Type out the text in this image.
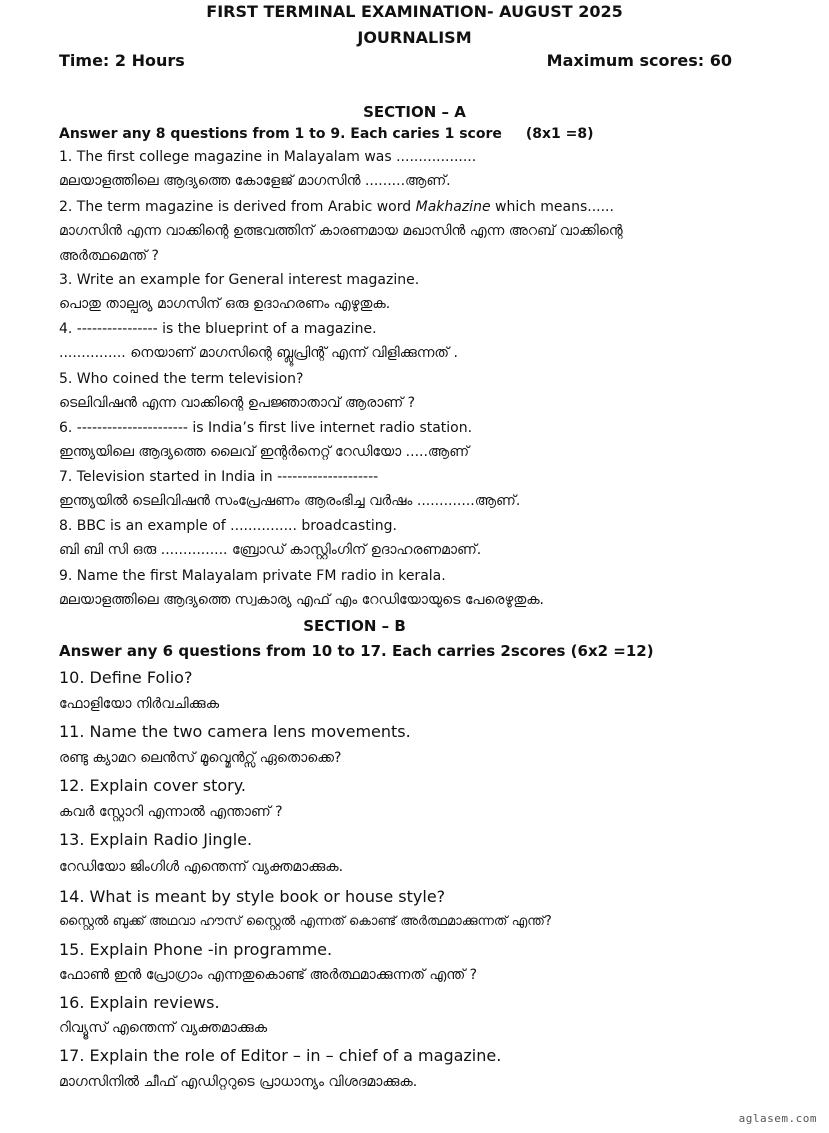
FIRST TERMINAL EXAMINATION- AUGUST 2025
JOURNALISM
Time: 2 Hours	Maximum scores: 60
SECTION – A
Answer any 8 questions from 1 to 9. Each caries 1 score (8x1 =8)
1. The first college magazine in Malayalam was ..................
മലയാളത്തിലെ ആദ്യത്തെ കോളേജ് മാഗസിൻ .........ആണ്.
2. The term magazine is derived from Arabic word Makhazine which means......
മാഗസിൻ എന്ന വാക്കിന്റെ ഉത്ഭവത്തിന് കാരണമായ മഖാസിൻ എന്ന അറബ് വാക്കിന്റെ
അർത്ഥമെന്ത് ?
3. Write an example for General interest magazine.
പൊതു താല്പര്യ മാഗസിന് ഒരു ഉദാഹരണം എഴുതുക.
4. ---------------- is the blueprint of a magazine.
............... നെയാണ് മാഗസിന്റെ ബ്ലൂപ്രിന്റ് എന്ന് വിളിക്കുന്നത് .
5. Who coined the term television?
ടെലിവിഷൻ എന്ന വാക്കിന്റെ ഉപജ്ഞാതാവ് ആരാണ് ?
6. ---------------------- is India’s first live internet radio station.
ഇന്ത്യയിലെ ആദ്യത്തെ ലൈവ് ഇന്റർനെറ്റ് റേഡിയോ .....ആണ്
7. Television started in India in --------------------
ഇന്ത്യയിൽ ടെലിവിഷൻ സംപ്രേഷണം ആരംഭിച്ച വർഷം .............ആണ്.
8. BBC is an example of ............... broadcasting.
ബി ബി സി ഒരു ............... ബ്രോഡ് കാസ്റ്റിംഗിന് ഉദാഹരണമാണ്.
9. Name the first Malayalam private FM radio in kerala.
മലയാളത്തിലെ ആദ്യത്തെ സ്വകാര്യ എഫ് എം റേഡിയോയുടെ പേരെഴുതുക.
SECTION – B
Answer any 6 questions from 10 to 17. Each carries 2scores (6x2 =12)
10. Define Folio?
ഫോളിയോ നിർവചിക്കുക
11. Name the two camera lens movements.
രണ്ടു ക്യാമറ ലെൻസ് മൂവ്മെൻറ്സ് ഏതൊക്കെ?
12. Explain cover story.
കവർ സ്റ്റോറി എന്നാൽ എന്താണ് ?
13. Explain Radio Jingle.
റേഡിയോ ജിംഗിൾ എന്തെന്ന് വ്യക്തമാക്കുക.
14. What is meant by style book or house style?
സ്റ്റൈൽ ബുക്ക് അഥവാ ഹൗസ് സ്റ്റൈൽ എന്നത് കൊണ്ട് അർത്ഥമാക്കുന്നത് എന്ത്?
15. Explain Phone -in programme.
ഫോൺ ഇൻ പ്രോഗ്രാം എന്നതുകൊണ്ട് അർത്ഥമാക്കുന്നത് എന്ത് ?
16. Explain reviews.
റിവ്യൂസ് എന്തെന്ന് വ്യക്തമാക്കുക
17. Explain the role of Editor – in – chief of a magazine.
മാഗസിനിൽ ചീഫ് എഡിറ്ററുടെ പ്രാധാന്യം വിശദമാക്കുക.
aglasem.com
